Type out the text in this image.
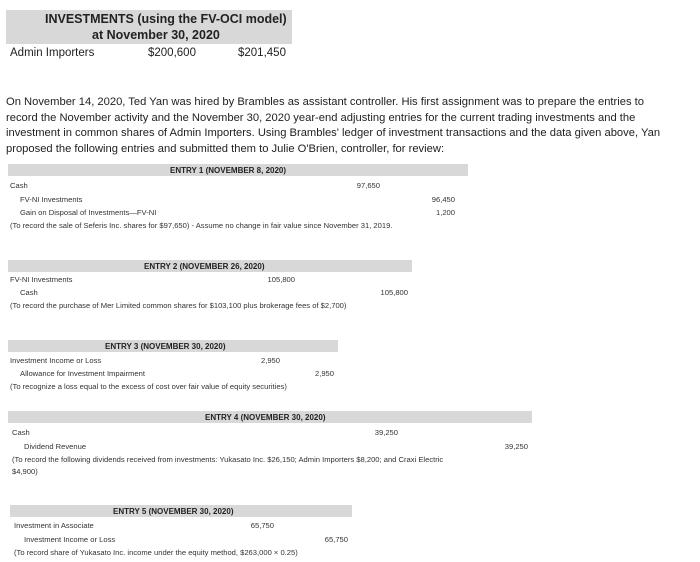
INVESTMENTS (using the FV-OCI model)
at November 30, 2020
Admin Importers	$200,600	$201,450
On November 14, 2020, Ted Yan was hired by Brambles as assistant controller. His first assignment was to prepare the entries to record the November activity and the November 30, 2020 year-end adjusting entries for the current trading investments and the investment in common shares of Admin Importers. Using Brambles' ledger of investment transactions and the data given above, Yan proposed the following entries and submitted them to Julie O'Brien, controller, for review:
ENTRY 1 (NOVEMBER 8, 2020)
Cash	97,650
FV-NI Investments	96,450
Gain on Disposal of Investments—FV-NI	1,200
(To record the sale of Seferis Inc. shares for $97,650) - Assume no change in fair value since November 31, 2019.
ENTRY 2 (NOVEMBER 26, 2020)
FV-NI Investments	105,800
Cash	105,800
(To record the purchase of Mer Limited common shares for $103,100 plus brokerage fees of $2,700)
ENTRY 3 (NOVEMBER 30, 2020)
Investment Income or Loss	2,950
Allowance for Investment Impairment	2,950
(To recognize a loss equal to the excess of cost over fair value of equity securities)
ENTRY 4 (NOVEMBER 30, 2020)
Cash	39,250
Dividend Revenue	39,250
(To record the following dividends received from investments: Yukasato Inc. $26,150; Admin Importers $8,200; and Craxi Electric
$4,900)
ENTRY 5 (NOVEMBER 30, 2020)
Investment in Associate	65,750
Investment Income or Loss	65,750
(To record share of Yukasato Inc. income under the equity method, $263,000 × 0.25)
